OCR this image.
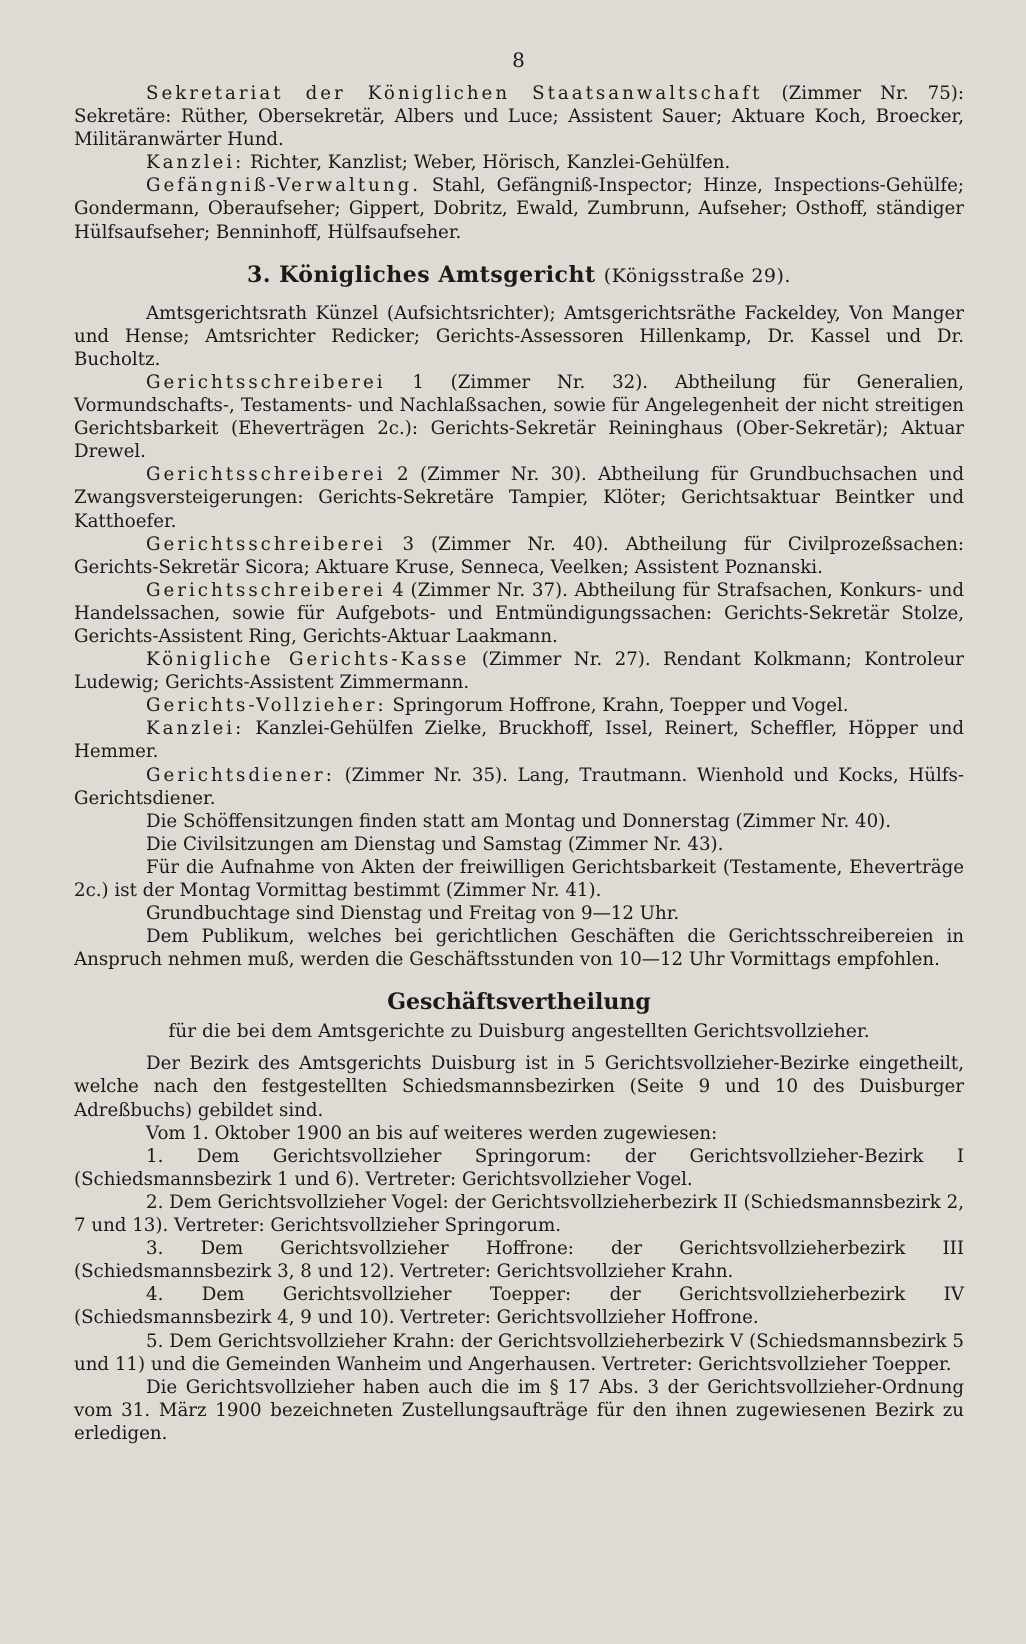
8

Sekretariat der Königlichen Staatsanwaltschaft (Zimmer Nr. 75): Sekretäre: Rüther, Obersekretär, Albers und Luce; Assistent Sauer; Aktuare Koch, Broecker, Militäranwärter Hund.

Kanzlei: Richter, Kanzlist; Weber, Hörisch, Kanzlei-Gehülfen.

Gefängniß-Verwaltung. Stahl, Gefängniß-Inspector; Hinze, Inspections-Gehülfe; Gondermann, Oberaufseher; Gippert, Dobritz, Ewald, Zumbrunn, Aufseher; Osthoff, ständiger Hülfsaufseher; Benninhoff, Hülfsaufseher.

3. Königliches Amtsgericht (Königsstraße 29).

Amtsgerichtsrath Künzel (Aufsichtsrichter); Amtsgerichtsräthe Fackeldey, Von Manger und Hense; Amtsrichter Redicker; Gerichts-Assessoren Hillenkamp, Dr. Kassel und Dr. Bucholtz.

Gerichtsschreiberei 1 (Zimmer Nr. 32). Abtheilung für Generalien, Vormundschafts-, Testaments- und Nachlaßsachen, sowie für Angelegenheit der nicht streitigen Gerichtsbarkeit (Eheverträgen 2c.): Gerichts-Sekretär Reininghaus (Ober-Sekretär); Aktuar Drewel.

Gerichtsschreiberei 2 (Zimmer Nr. 30). Abtheilung für Grundbuchsachen und Zwangsversteigerungen: Gerichts-Sekretäre Tampier, Klöter; Gerichtsaktuar Beintker und Katthoefer.

Gerichtsschreiberei 3 (Zimmer Nr. 40). Abtheilung für Civilprozeßsachen: Gerichts-Sekretär Sicora; Aktuare Kruse, Senneca, Veelken; Assistent Poznanski.

Gerichtsschreiberei 4 (Zimmer Nr. 37). Abtheilung für Strafsachen, Konkurs- und Handelssachen, sowie für Aufgebots- und Entmündigungssachen: Gerichts-Sekretär Stolze, Gerichts-Assistent Ring, Gerichts-Aktuar Laakmann.

Königliche Gerichts-Kasse (Zimmer Nr. 27). Rendant Kolkmann; Kontroleur Ludewig; Gerichts-Assistent Zimmermann.

Gerichts-Vollzieher: Springorum Hoffrone, Krahn, Toepper und Vogel.

Kanzlei: Kanzlei-Gehülfen Zielke, Bruckhoff, Issel, Reinert, Scheffler, Höpper und Hemmer.

Gerichtsdiener: (Zimmer Nr. 35). Lang, Trautmann. Wienhold und Kocks, Hülfs-Gerichtsdiener.

Die Schöffensitzungen finden statt am Montag und Donnerstag (Zimmer Nr. 40).

Die Civilsitzungen am Dienstag und Samstag (Zimmer Nr. 43).

Für die Aufnahme von Akten der freiwilligen Gerichtsbarkeit (Testamente, Eheverträge 2c.) ist der Montag Vormittag bestimmt (Zimmer Nr. 41).

Grundbuchtage sind Dienstag und Freitag von 9—12 Uhr.

Dem Publikum, welches bei gerichtlichen Geschäften die Gerichtsschreibereien in Anspruch nehmen muß, werden die Geschäftsstunden von 10—12 Uhr Vormittags empfohlen.

Geschäftsvertheilung
für die bei dem Amtsgerichte zu Duisburg angestellten Gerichtsvollzieher.

Der Bezirk des Amtsgerichts Duisburg ist in 5 Gerichtsvollzieher-Bezirke eingetheilt, welche nach den festgestellten Schiedsmannsbezirken (Seite 9 und 10 des Duisburger Adreßbuchs) gebildet sind.

Vom 1. Oktober 1900 an bis auf weiteres werden zugewiesen:

1. Dem Gerichtsvollzieher Springorum: der Gerichtsvollzieher-Bezirk I (Schiedsmannsbezirk 1 und 6). Vertreter: Gerichtsvollzieher Vogel.

2. Dem Gerichtsvollzieher Vogel: der Gerichtsvollzieherbezirk II (Schiedsmannsbezirk 2, 7 und 13). Vertreter: Gerichtsvollzieher Springorum.

3. Dem Gerichtsvollzieher Hoffrone: der Gerichtsvollzieherbezirk III (Schiedsmannsbezirk 3, 8 und 12). Vertreter: Gerichtsvollzieher Krahn.

4. Dem Gerichtsvollzieher Toepper: der Gerichtsvollzieherbezirk IV (Schiedsmannsbezirk 4, 9 und 10). Vertreter: Gerichtsvollzieher Hoffrone.

5. Dem Gerichtsvollzieher Krahn: der Gerichtsvollzieherbezirk V (Schiedsmannsbezirk 5 und 11) und die Gemeinden Wanheim und Angerhausen. Vertreter: Gerichtsvollzieher Toepper.

Die Gerichtsvollzieher haben auch die im § 17 Abs. 3 der Gerichtsvollzieher-Ordnung vom 31. März 1900 bezeichneten Zustellungsaufträge für den ihnen zugewiesenen Bezirk zu erledigen.
